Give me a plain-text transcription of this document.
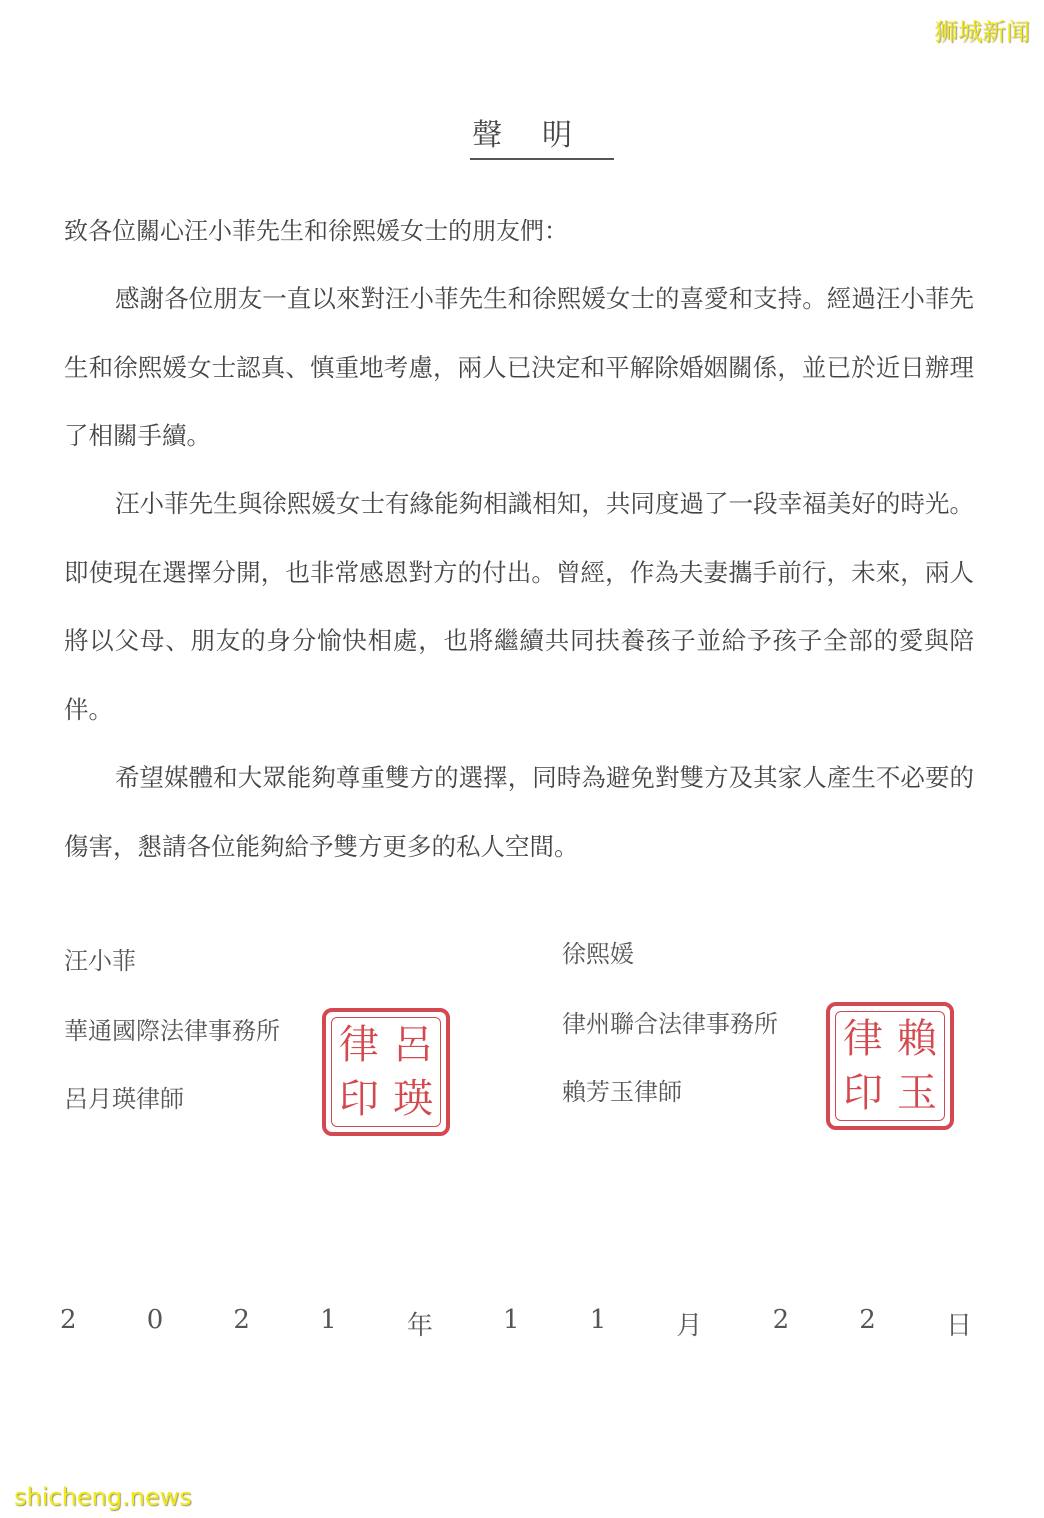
狮城新闻
聲明
致各位關心汪小菲先生和徐熙媛女士的朋友們：

感謝各位朋友一直以來對汪小菲先生和徐熙媛女士的喜愛和支持。經過汪小菲先生和徐熙媛女士認真、慎重地考慮，兩人已決定和平解除婚姻關係，並已於近日辦理了相關手續。

汪小菲先生與徐熙媛女士有緣能夠相識相知，共同度過了一段幸福美好的時光。即使現在選擇分開，也非常感恩對方的付出。曾經，作為夫妻攜手前行，未來，兩人將以父母、朋友的身分愉快相處，也將繼續共同扶養孩子並給予孩子全部的愛與陪伴。

希望媒體和大眾能夠尊重雙方的選擇，同時為避免對雙方及其家人產生不必要的傷害，懇請各位能夠給予雙方更多的私人空間。

汪小菲
華通國際法律事務所
呂月瑛律師
呂
瑛
律
印
徐熙媛
律州聯合法律事務所
賴芳玉律師
賴
玉
律
印
2	0	2	1	年	1	1	月	2	2	日
shicheng.news
